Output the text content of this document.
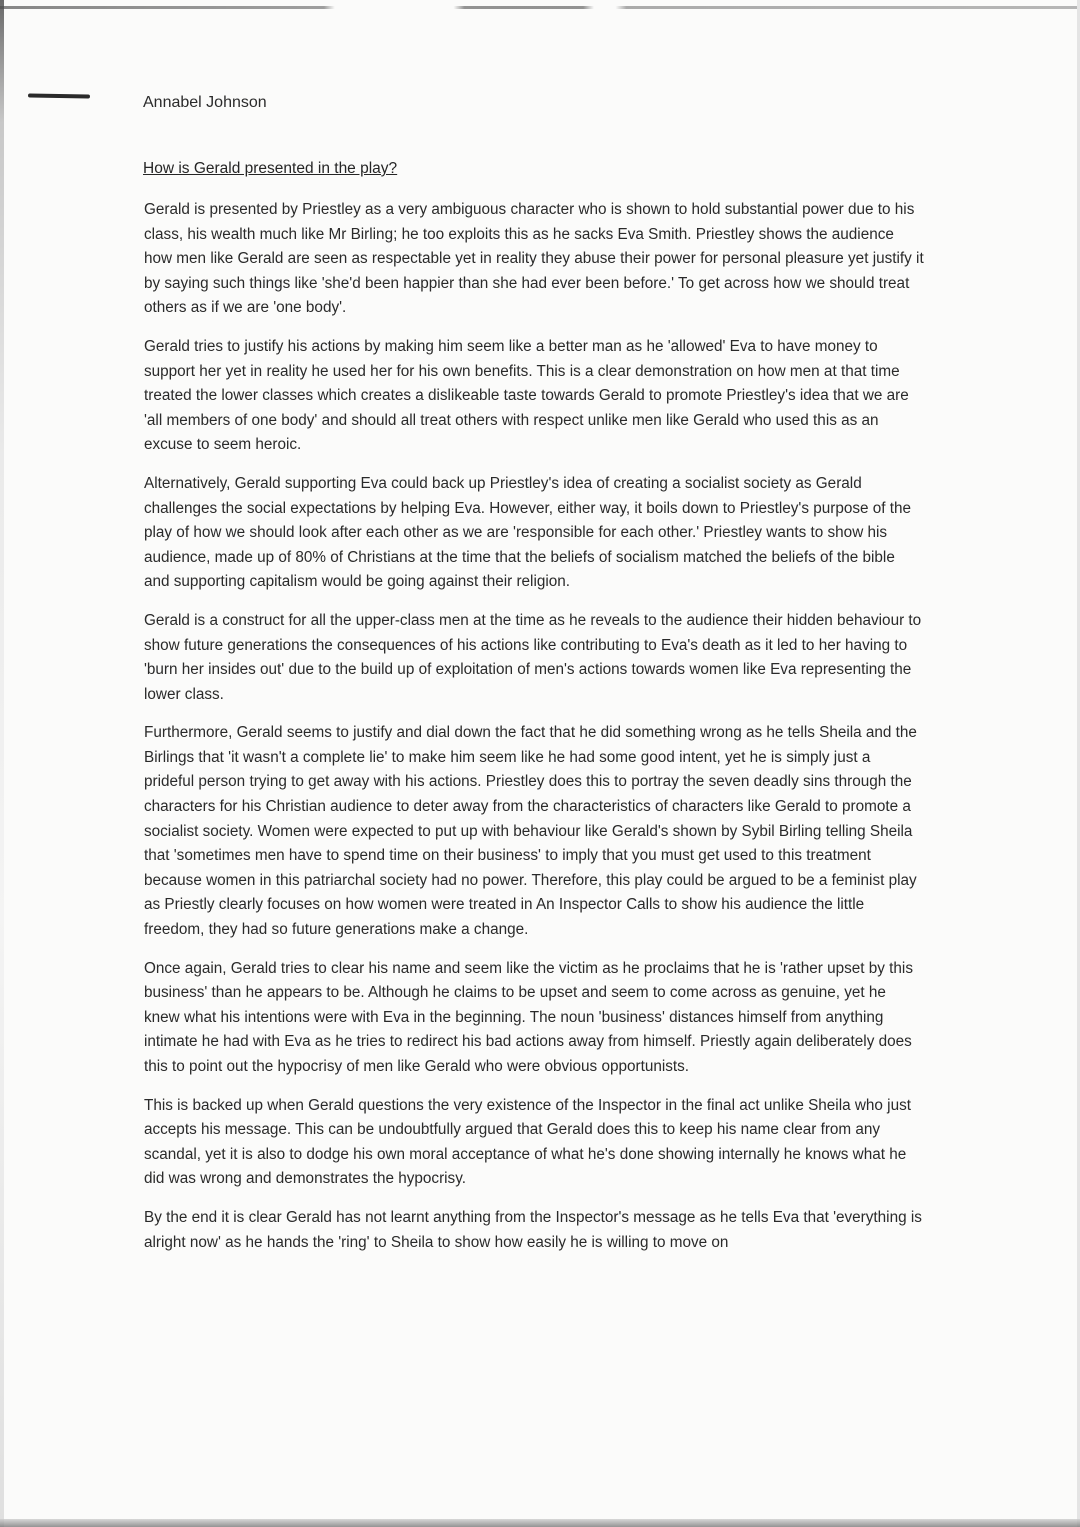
Annabel Johnson

How is Gerald presented in the play?

Gerald is presented by Priestley as a very ambiguous character who is shown to hold substantial power due to his class, his wealth much like Mr Birling; he too exploits this as he sacks Eva Smith. Priestley shows the audience how men like Gerald are seen as respectable yet in reality they abuse their power for personal pleasure yet justify it by saying such things like 'she'd been happier than she had ever been before.' To get across how we should treat others as if we are 'one body'.

Gerald tries to justify his actions by making him seem like a better man as he 'allowed' Eva to have money to support her yet in reality he used her for his own benefits. This is a clear demonstration on how men at that time treated the lower classes which creates a dislikeable taste towards Gerald to promote Priestley's idea that we are 'all members of one body' and should all treat others with respect unlike men like Gerald who used this as an excuse to seem heroic.

Alternatively, Gerald supporting Eva could back up Priestley's idea of creating a socialist society as Gerald challenges the social expectations by helping Eva. However, either way, it boils down to Priestley's purpose of the play of how we should look after each other as we are 'responsible for each other.' Priestley wants to show his audience, made up of 80% of Christians at the time that the beliefs of socialism matched the beliefs of the bible and supporting capitalism would be going against their religion.

Gerald is a construct for all the upper-class men at the time as he reveals to the audience their hidden behaviour to show future generations the consequences of his actions like contributing to Eva's death as it led to her having to 'burn her insides out' due to the build up of exploitation of men's actions towards women like Eva representing the lower class.

Furthermore, Gerald seems to justify and dial down the fact that he did something wrong as he tells Sheila and the Birlings that 'it wasn't a complete lie' to make him seem like he had some good intent, yet he is simply just a prideful person trying to get away with his actions. Priestley does this to portray the seven deadly sins through the characters for his Christian audience to deter away from the characteristics of characters like Gerald to promote a socialist society. Women were expected to put up with behaviour like Gerald's shown by Sybil Birling telling Sheila that 'sometimes men have to spend time on their business' to imply that you must get used to this treatment because women in this patriarchal society had no power. Therefore, this play could be argued to be a feminist play as Priestly clearly focuses on how women were treated in An Inspector Calls to show his audience the little freedom, they had so future generations make a change.

Once again, Gerald tries to clear his name and seem like the victim as he proclaims that he is 'rather upset by this business' than he appears to be. Although he claims to be upset and seem to come across as genuine, yet he knew what his intentions were with Eva in the beginning. The noun 'business' distances himself from anything intimate he had with Eva as he tries to redirect his bad actions away from himself. Priestly again deliberately does this to point out the hypocrisy of men like Gerald who were obvious opportunists.

This is backed up when Gerald questions the very existence of the Inspector in the final act unlike Sheila who just accepts his message. This can be undoubtfully argued that Gerald does this to keep his name clear from any scandal, yet it is also to dodge his own moral acceptance of what he's done showing internally he knows what he did was wrong and demonstrates the hypocrisy.

By the end it is clear Gerald has not learnt anything from the Inspector's message as he tells Eva that 'everything is alright now' as he hands the 'ring' to Sheila to show how easily he is willing to move on
